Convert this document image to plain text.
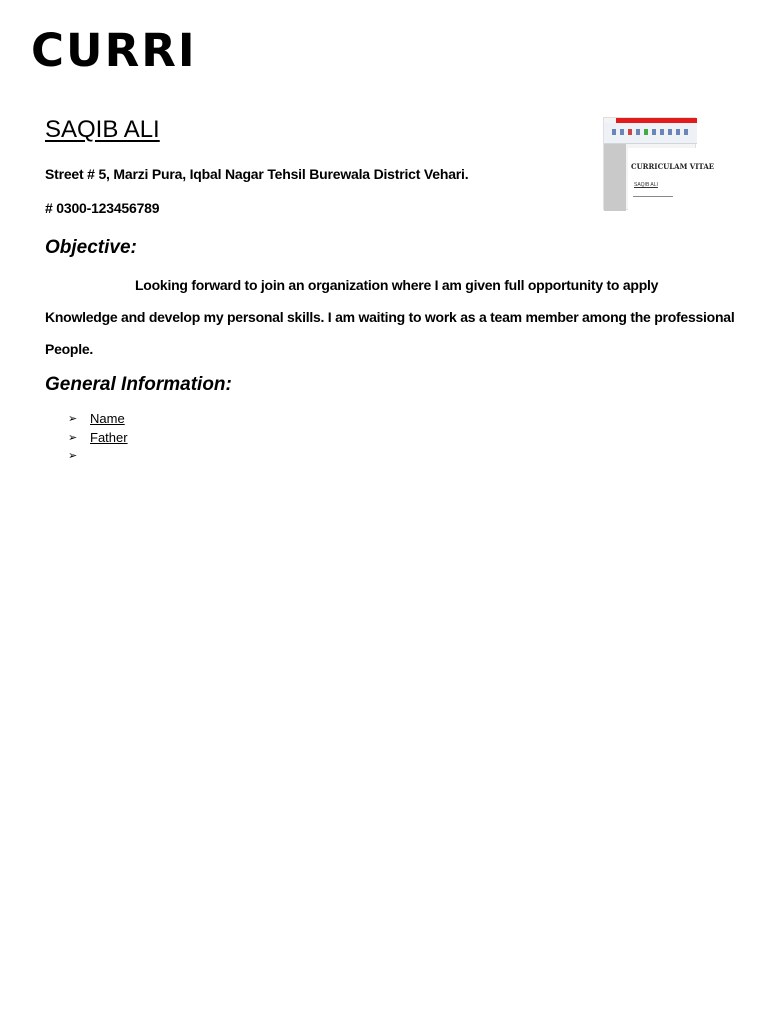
CURRI
SAQIB ALI
Street # 5, Marzi Pura, Iqbal Nagar Tehsil Burewala District Vehari.
# 0300-123456789
CURRICULAM VITAE
SAQIB ALI
Objective:

Looking forward to join an organization where I am given full opportunity to apply
Knowledge and develop my personal skills. I am waiting to work as a team member among the professional
People.

General Information:
➢ Name
➢ Father
➢
